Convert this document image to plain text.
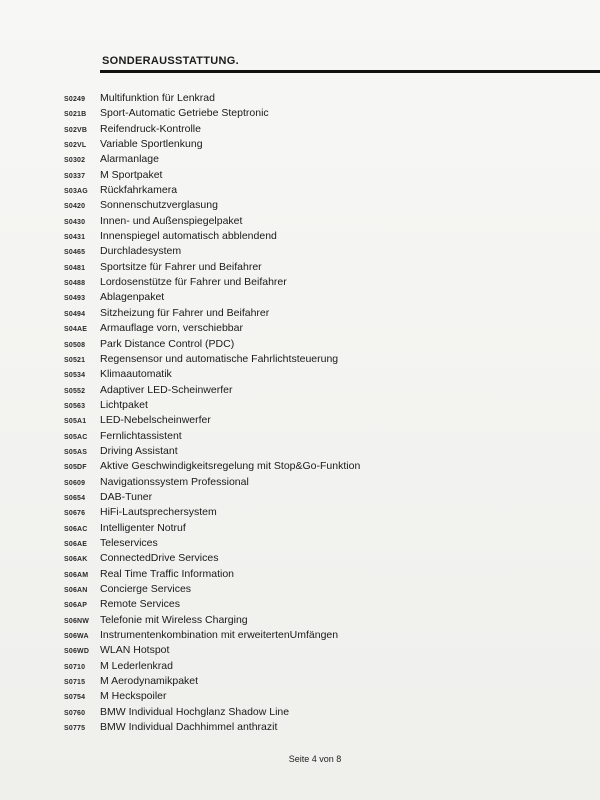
SONDERAUSSTATTUNG.
S0249	Multifunktion für Lenkrad
S021B	Sport-Automatic Getriebe Steptronic
S02VB	Reifendruck-Kontrolle
S02VL	Variable Sportlenkung
S0302	Alarmanlage
S0337	M Sportpaket
S03AG	Rückfahrkamera
S0420	Sonnenschutzverglasung
S0430	Innen- und Außenspiegelpaket
S0431	Innenspiegel automatisch abblendend
S0465	Durchladesystem
S0481	Sportsitze für Fahrer und Beifahrer
S0488	Lordosenstütze für Fahrer und Beifahrer
S0493	Ablagenpaket
S0494	Sitzheizung für Fahrer und Beifahrer
S04AE	Armauflage vorn, verschiebbar
S0508	Park Distance Control (PDC)
S0521	Regensensor und automatische Fahrlichtsteuerung
S0534	Klimaautomatik
S0552	Adaptiver LED-Scheinwerfer
S0563	Lichtpaket
S05A1	LED-Nebelscheinwerfer
S05AC	Fernlichtassistent
S05AS	Driving Assistant
S05DF	Aktive Geschwindigkeitsregelung mit Stop&Go-Funktion
S0609	Navigationssystem Professional
S0654	DAB-Tuner
S0676	HiFi-Lautsprechersystem
S06AC	Intelligenter Notruf
S06AE	Teleservices
S06AK	ConnectedDrive Services
S06AM	Real Time Traffic Information
S06AN	Concierge Services
S06AP	Remote Services
S06NW	Telefonie mit Wireless Charging
S06WA	Instrumentenkombination mit erweitertenUmfängen
S06WD	WLAN Hotspot
S0710	M Lederlenkrad
S0715	M Aerodynamikpaket
S0754	M Heckspoiler
S0760	BMW Individual Hochglanz Shadow Line
S0775	BMW Individual Dachhimmel anthrazit
Seite 4 von 8
